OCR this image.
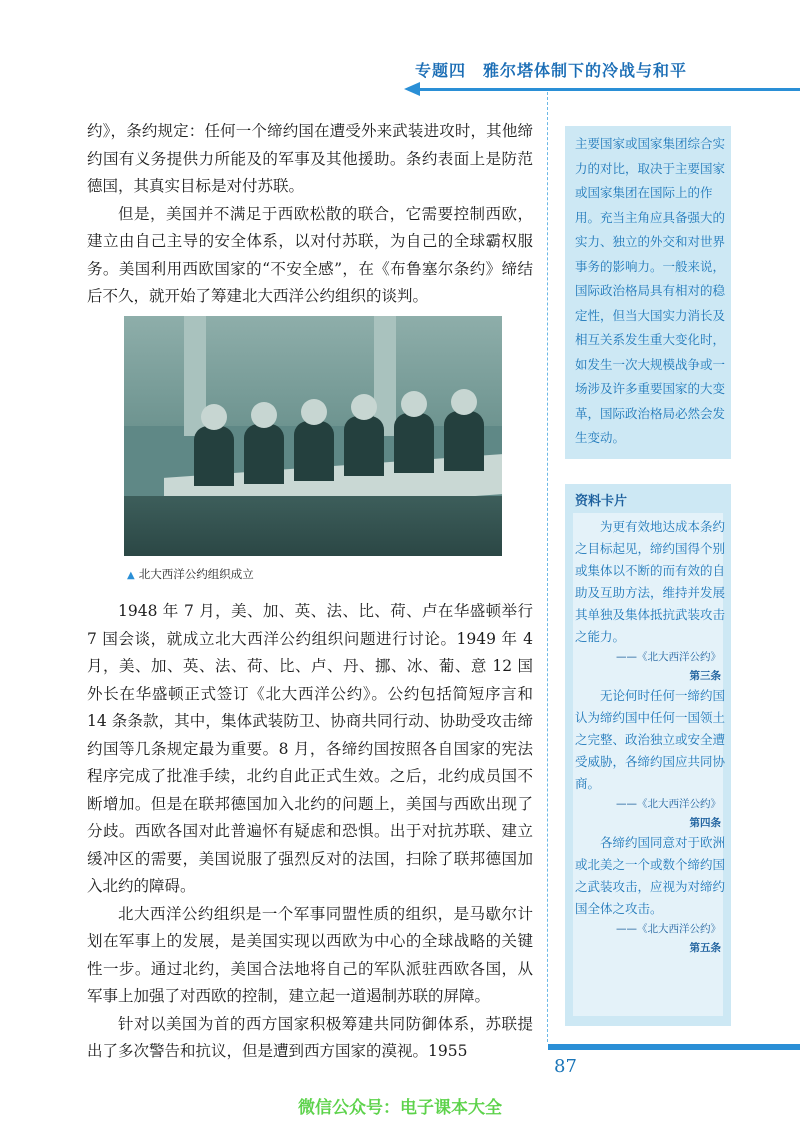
专题四　雅尔塔体制下的冷战与和平

约》，条约规定：任何一个缔约国在遭受外来武装进攻时，其他缔约国有义务提供力所能及的军事及其他援助。条约表面上是防范德国，其真实目标是对付苏联。

但是，美国并不满足于西欧松散的联合，它需要控制西欧，建立由自己主导的安全体系，以对付苏联，为自己的全球霸权服务。美国利用西欧国家的“不安全感”，在《布鲁塞尔条约》缔结后不久，就开始了筹建北大西洋公约组织的谈判。

▲ 北大西洋公约组织成立

1948 年 7 月，美、加、英、法、比、荷、卢在华盛顿举行 7 国会谈，就成立北大西洋公约组织问题进行讨论。1949 年 4 月，美、加、英、法、荷、比、卢、丹、挪、冰、葡、意 12 国外长在华盛顿正式签订《北大西洋公约》。公约包括简短序言和 14 条条款，其中，集体武装防卫、协商共同行动、协助受攻击缔约国等几条规定最为重要。8 月，各缔约国按照各自国家的宪法程序完成了批准手续，北约自此正式生效。之后，北约成员国不断增加。但是在联邦德国加入北约的问题上，美国与西欧出现了分歧。西欧各国对此普遍怀有疑虑和恐惧。出于对抗苏联、建立缓冲区的需要，美国说服了强烈反对的法国，扫除了联邦德国加入北约的障碍。

北大西洋公约组织是一个军事同盟性质的组织，是马歇尔计划在军事上的发展，是美国实现以西欧为中心的全球战略的关键性一步。通过北约，美国合法地将自己的军队派驻西欧各国，从军事上加强了对西欧的控制，建立起一道遏制苏联的屏障。

针对以美国为首的西方国家积极筹建共同防御体系，苏联提出了多次警告和抗议，但是遭到西方国家的漠视。1955

主要国家或国家集团综合实力的对比，取决于主要国家或国家集团在国际上的作用。充当主角应具备强大的实力、独立的外交和对世界事务的影响力。一般来说，国际政治格局具有相对的稳定性，但当大国实力消长及相互关系发生重大变化时，如发生一次大规模战争或一场涉及许多重要国家的大变革，国际政治格局必然会发生变动。

资料卡片

为更有效地达成本条约之目标起见，缔约国得个别或集体以不断的而有效的自助及互助方法，维持并发展其单独及集体抵抗武装攻击之能力。

——《北大西洋公约》

第三条

无论何时任何一缔约国认为缔约国中任何一国领土之完整、政治独立或安全遭受威胁，各缔约国应共同协商。

——《北大西洋公约》

第四条

各缔约国同意对于欧洲或北美之一个或数个缔约国之武装攻击，应视为对缔约国全体之攻击。

——《北大西洋公约》

第五条

87
微信公众号：电子课本大全
